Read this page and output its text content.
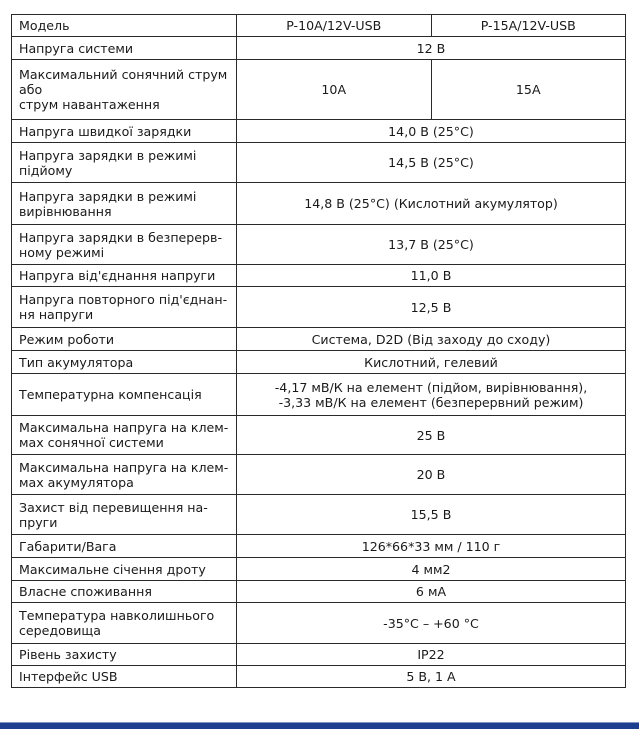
Модель	P-10A/12V-USB	P-15A/12V-USB
Напруга системи	12 В	
Максимальний сонячний струм
або
струм навантаження	10A	15A
Напруга швидкої зарядки	14,0 В (25°С)	
Напруга зарядки в режимі
підйому	14,5 В (25°С)	
Напруга зарядки в режимі
вирівнювання	14,8 В (25°С) (Кислотний акумулятор)	
Напруга зарядки в безперерв-
ному режимі	13,7 В (25°С)	
Напруга від'єднання напруги	11,0 В	
Напруга повторного під'єднан-
ня напруги	12,5 В	
Режим роботи	Система, D2D (Від заходу до сходу)	
Тип акумулятора	Кислотний, гелевий	
Температурна компенсація	-4,17 мВ/К на елемент (підйом, вирівнювання),
-3,33 мВ/К на елемент (безперервний режим)	
Максимальна напруга на клем-
мах сонячної системи	25 В	
Максимальна напруга на клем-
мах акумулятора	20 В	
Захист від перевищення на-
пруги	15,5 В	
Габарити/Вага	126*66*33 мм / 110 г	
Максимальне січення дроту	4 мм2	
Власне споживання	6 мА	
Температура навколишнього
середовища	-35°С – +60 °С	
Рівень захисту	IP22	
Інтерфейс USB	5 В, 1 А	
